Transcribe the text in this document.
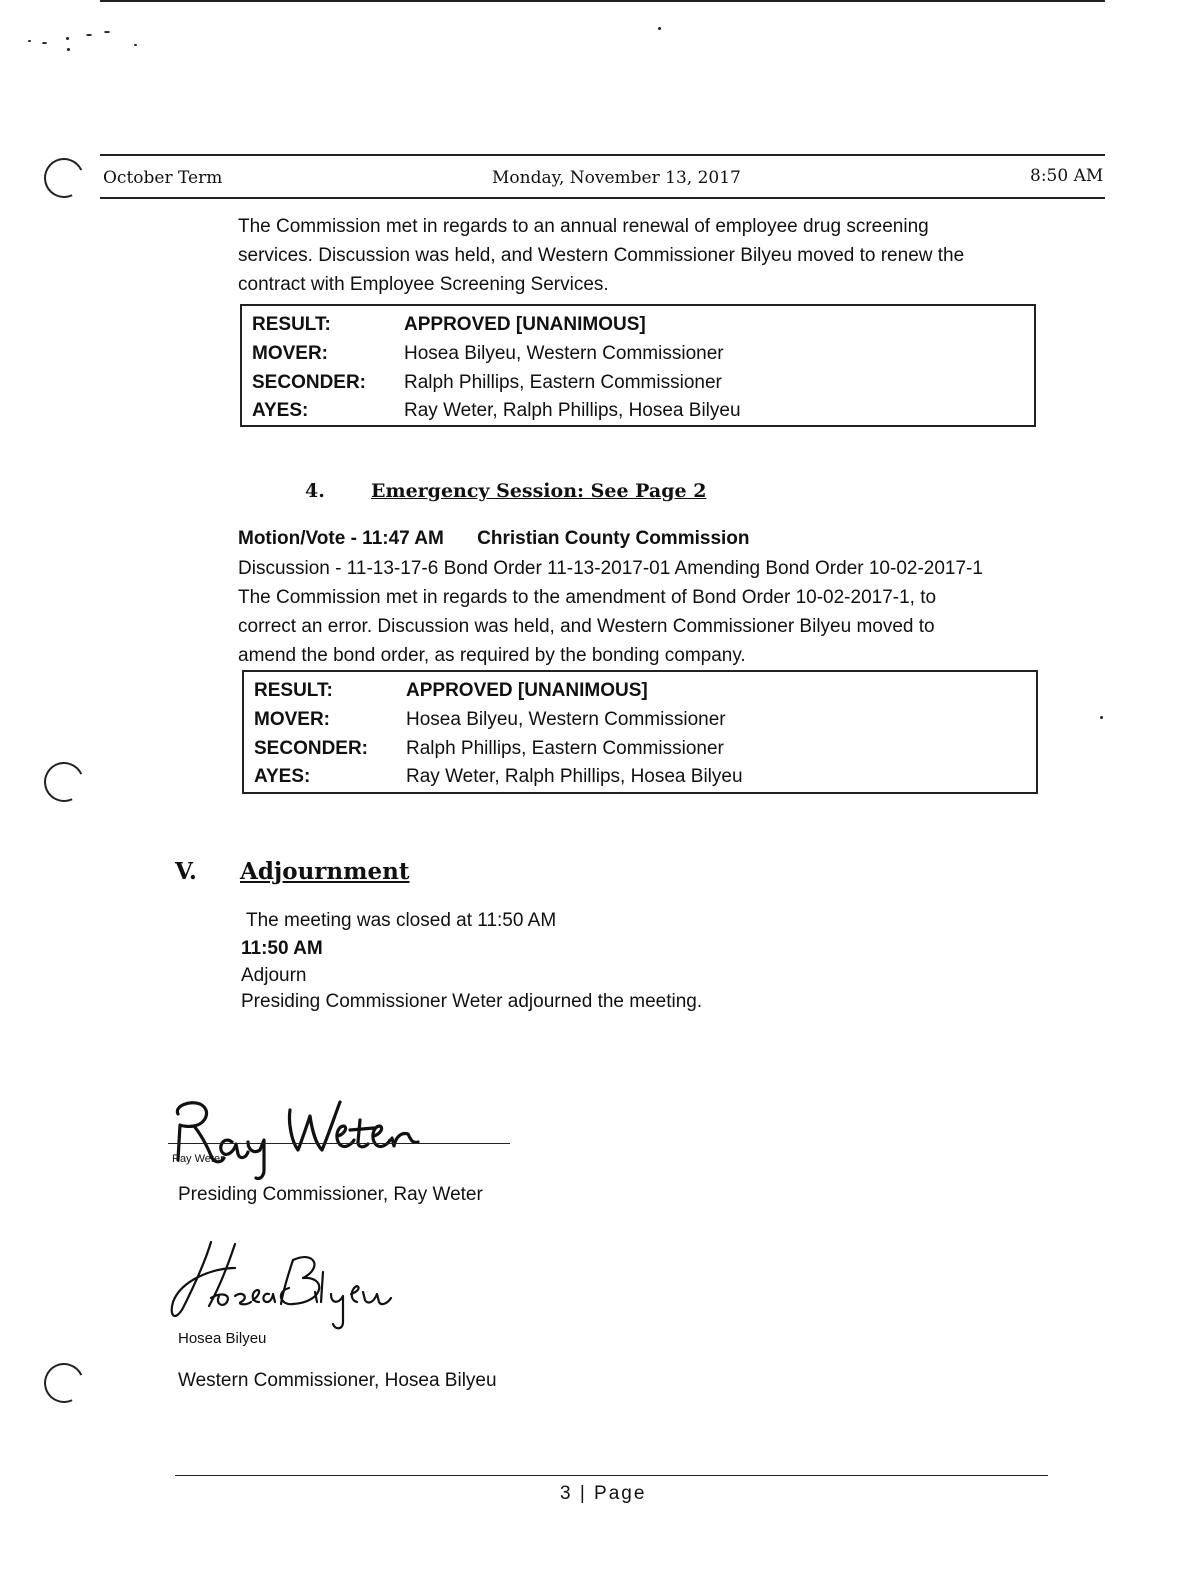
October Term	Monday, November 13, 2017	8:50 AM
The Commission met in regards to an annual renewal of employee drug screening
services. Discussion was held, and Western Commissioner Bilyeu moved to renew the
contract with Employee Screening Services.
RESULT:	APPROVED [UNANIMOUS]
MOVER:	Hosea Bilyeu, Western Commissioner
SECONDER:	Ralph Phillips, Eastern Commissioner
AYES:	Ray Weter, Ralph Phillips, Hosea Bilyeu
4. Emergency Session: See Page 2
Motion/Vote - 11:47 AM Christian County Commission
Discussion - 11-13-17-6 Bond Order 11-13-2017-01 Amending Bond Order 10-02-2017-1
The Commission met in regards to the amendment of Bond Order 10-02-2017-1, to
correct an error. Discussion was held, and Western Commissioner Bilyeu moved to
amend the bond order, as required by the bonding company.
RESULT:	APPROVED [UNANIMOUS]
MOVER:	Hosea Bilyeu, Western Commissioner
SECONDER:	Ralph Phillips, Eastern Commissioner
AYES:	Ray Weter, Ralph Phillips, Hosea Bilyeu
V. Adjournment
The meeting was closed at 11:50 AM
11:50 AM
Adjourn
Presiding Commissioner Weter adjourned the meeting.
Ray Weter
Presiding Commissioner, Ray Weter
Hosea Bilyeu
Western Commissioner, Hosea Bilyeu
3 | Page
